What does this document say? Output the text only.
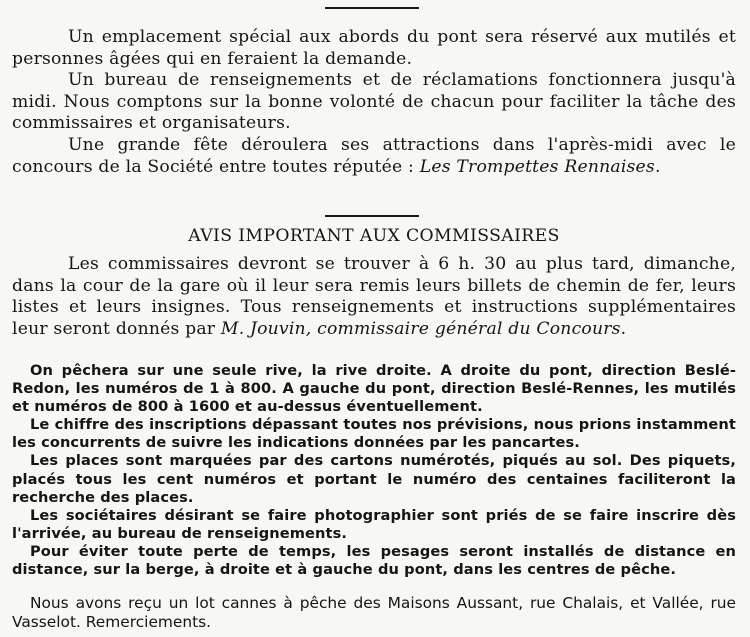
Un emplacement spécial aux abords du pont sera réservé aux mutilés et personnes âgées qui en feraient la demande.

Un bureau de renseignements et de réclamations fonctionnera jusqu'à midi. Nous comptons sur la bonne volonté de chacun pour faciliter la tâche des commissaires et organisateurs.

Une grande fête déroulera ses attractions dans l'après-midi avec le concours de la Société entre toutes réputée : Les Trompettes Rennaises.

AVIS IMPORTANT AUX COMMISSAIRES

Les commissaires devront se trouver à 6 h. 30 au plus tard, dimanche, dans la cour de la gare où il leur sera remis leurs billets de chemin de fer, leurs listes et leurs insignes. Tous renseignements et instructions supplémentaires leur seront donnés par M. Jouvin, commissaire général du Concours.

On pêchera sur une seule rive, la rive droite. A droite du pont, direction Beslé-Redon, les numéros de 1 à 800. A gauche du pont, direction Beslé-Rennes, les mutilés et numéros de 800 à 1600 et au-dessus éventuellement.

Le chiffre des inscriptions dépassant toutes nos prévisions, nous prions instamment les concurrents de suivre les indications données par les pancartes.

Les places sont marquées par des cartons numérotés, piqués au sol. Des piquets, placés tous les cent numéros et portant le numéro des centaines faciliteront la recherche des places.

Les sociétaires désirant se faire photographier sont priés de se faire inscrire dès l'arrivée, au bureau de renseignements.

Pour éviter toute perte de temps, les pesages seront installés de distance en distance, sur la berge, à droite et à gauche du pont, dans les centres de pêche.

Nous avons reçu un lot cannes à pêche des Maisons Aussant, rue Chalais, et Vallée, rue Vasselot. Remerciements.
